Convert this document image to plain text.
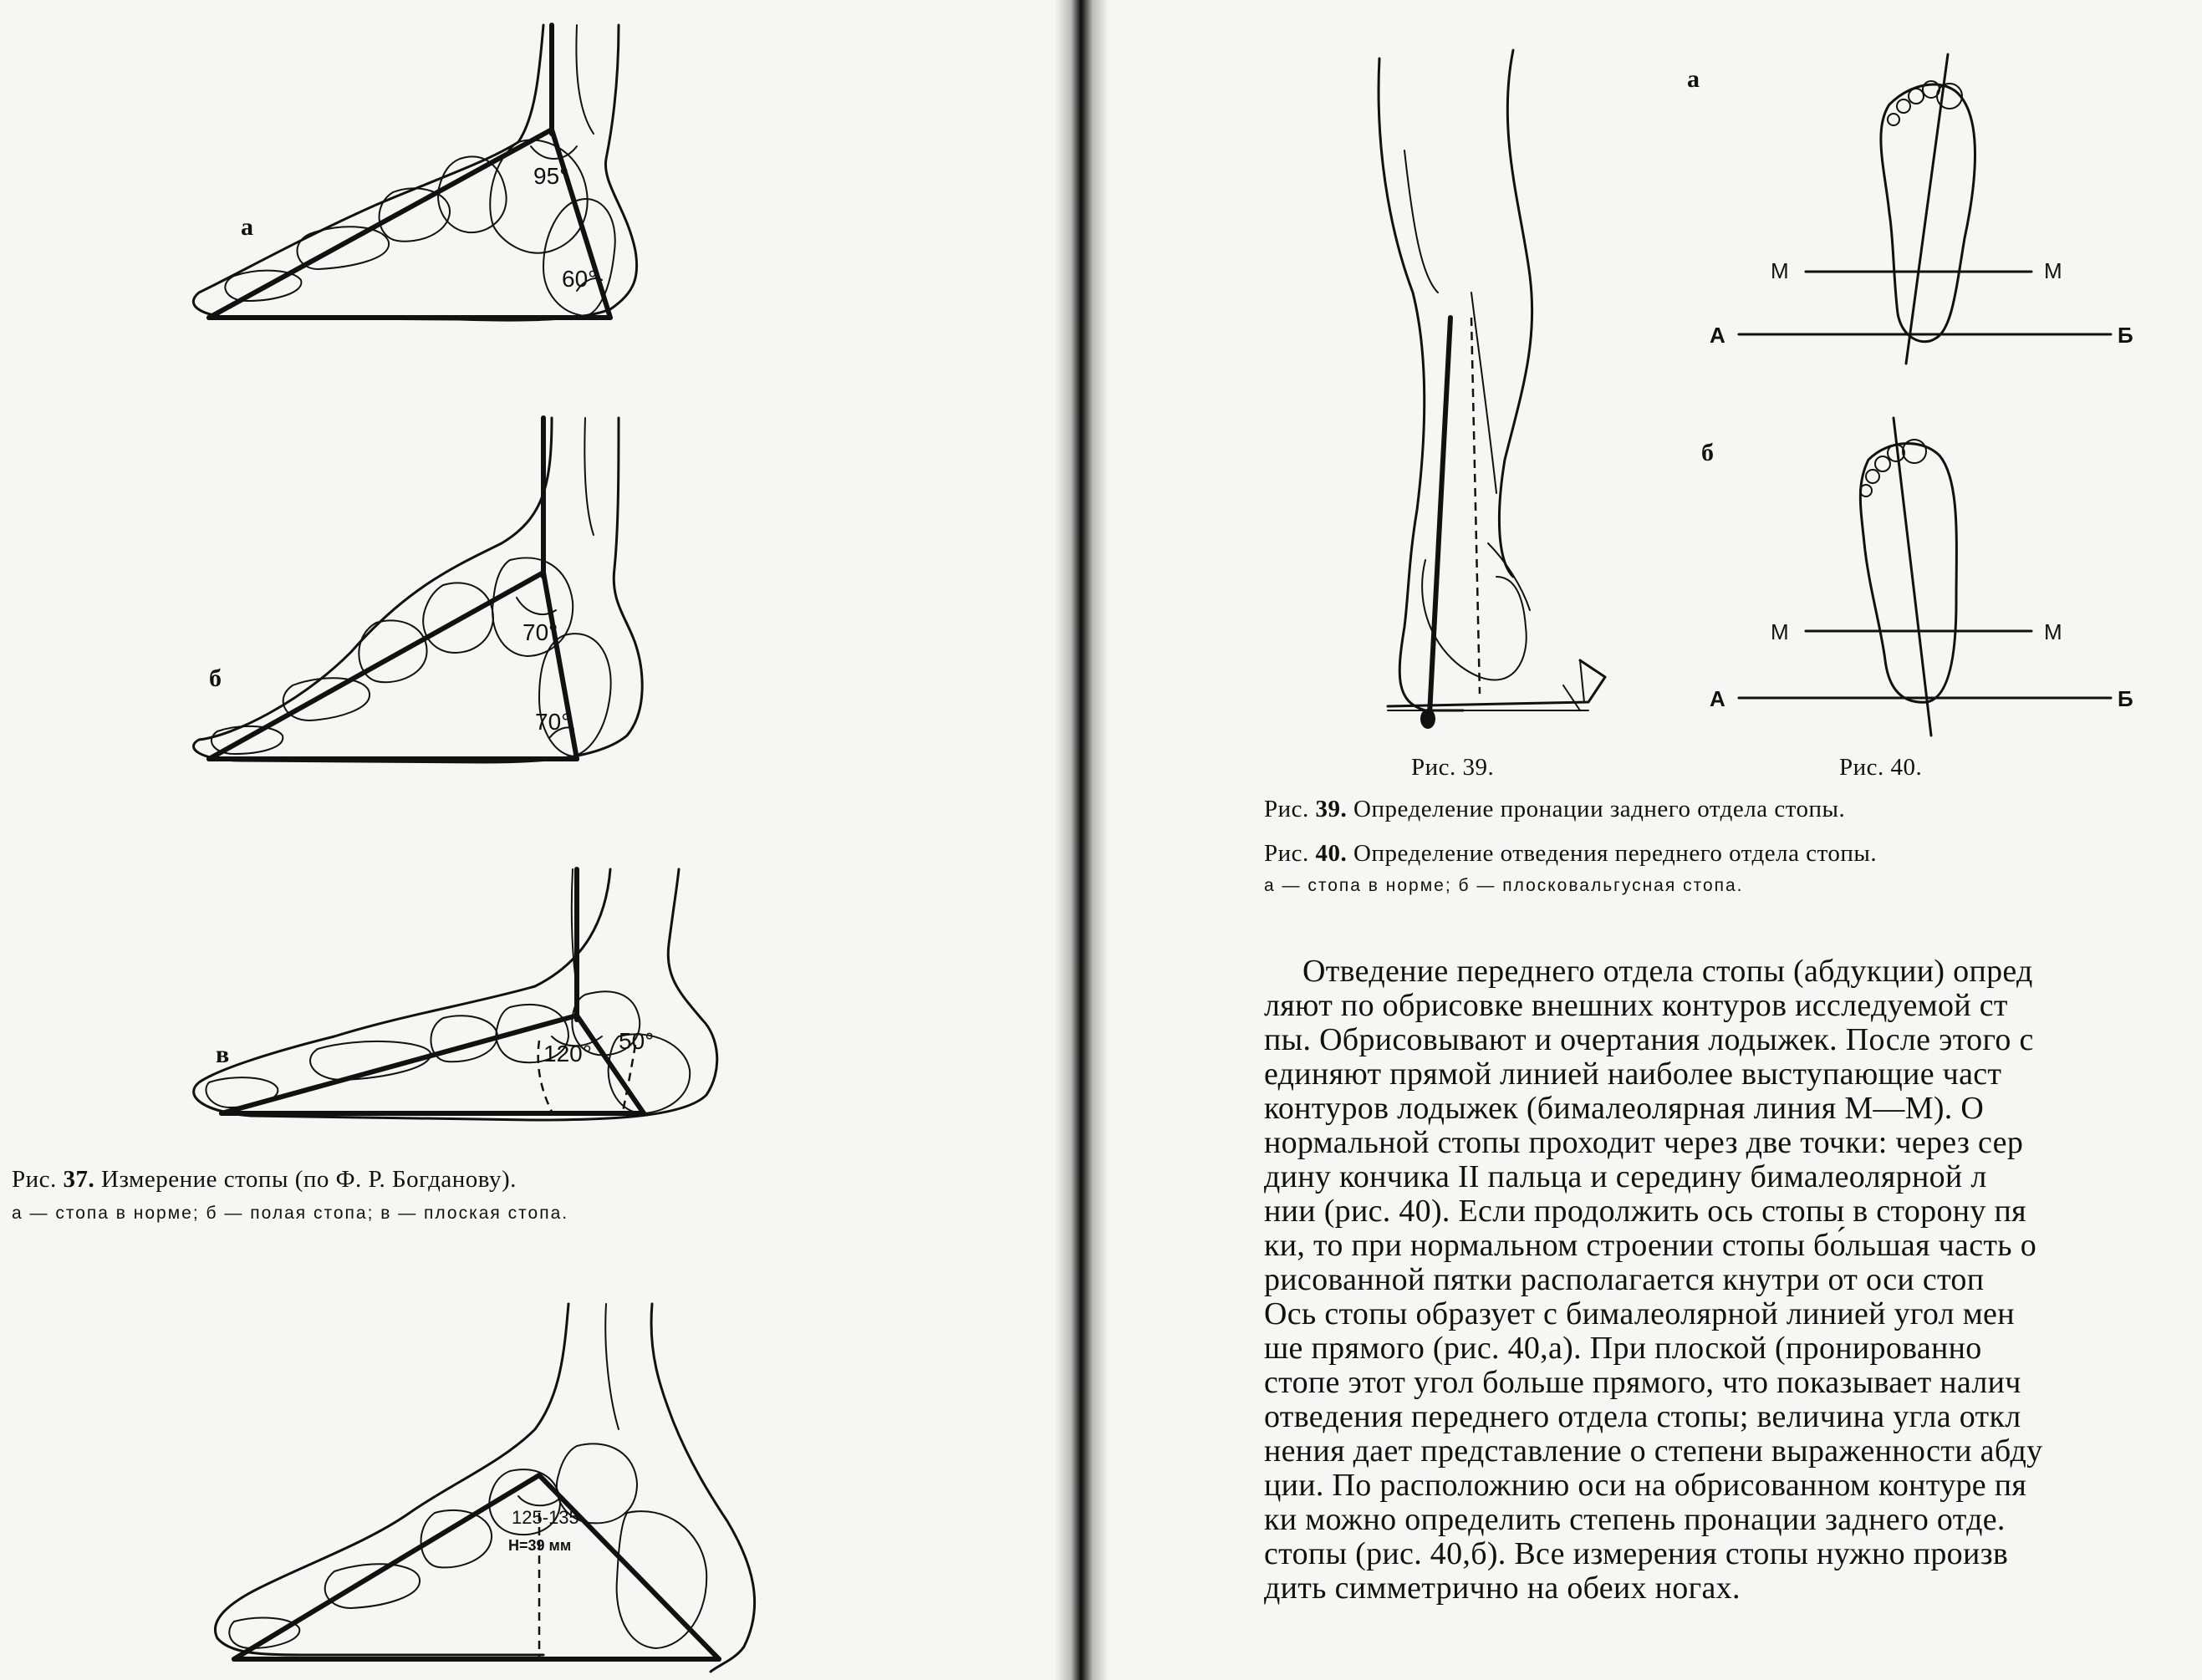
95°
60°
а
70°
70°
б
120° 50°
в
Рис. 37. Измерение стопы (по Ф. Р. Богданову).
а — стопа в норме; б — полая стопа; в — плоская стопа.
125-135
H=39 мм
М	М
А	Б
а
М	М
А	Б
б
Рис. 39.	Рис. 40.
Рис. 39. Определение пронации заднего отдела стопы.
Рис. 40. Определение отведения переднего отдела стопы.
а — стопа в норме; б — плосковальгусная стопа.

Отведение переднего отдела стопы (абдукции) опред

ляют по обрисовке внешних контуров исследуемой ст

пы. Обрисовывают и очертания лодыжек. После этого с

единяют прямой линией наиболее выступающие част

контуров лодыжек (бималеолярная линия М—М). О

нормальной стопы проходит через две точки: через сер

дину кончика II пальца и середину бималеолярной л

нии (рис. 40). Если продолжить ось стопы в сторону пя

ки, то при нормальном строении стопы бо́льшая часть о

рисованной пятки располагается кнутри от оси стоп

Ось стопы образует с бималеолярной линией угол мен

ше прямого (рис. 40,а). При плоской (пронированно

стопе этот угол больше прямого, что показывает налич

отведения переднего отдела стопы; величина угла откл

нения дает представление о степени выраженности абду

ции. По расположнию оси на обрисованном контуре пя

ки можно определить степень пронации заднего отде.

стопы (рис. 40,б). Все измерения стопы нужно произв

дить симметрично на обеих ногах.
